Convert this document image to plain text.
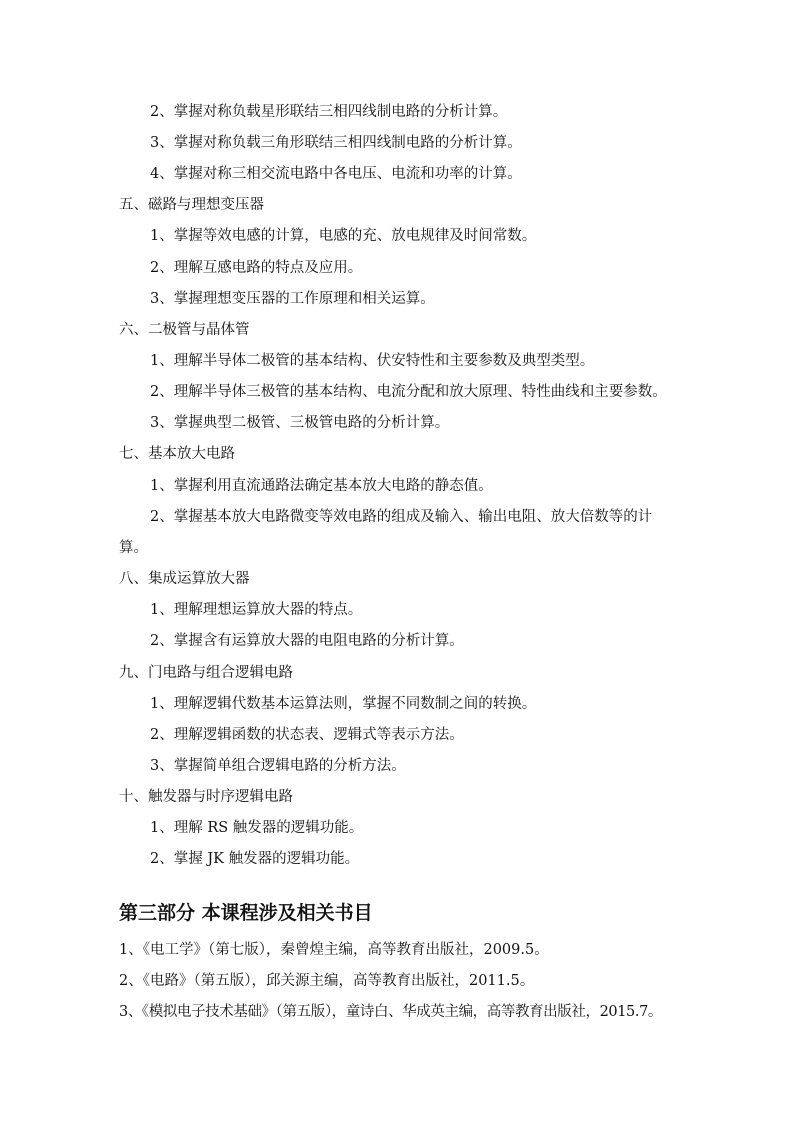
2、掌握对称负载星形联结三相四线制电路的分析计算。
3、掌握对称负载三角形联结三相四线制电路的分析计算。
4、掌握对称三相交流电路中各电压、电流和功率的计算。
五、磁路与理想变压器
1、掌握等效电感的计算，电感的充、放电规律及时间常数。
2、理解互感电路的特点及应用。
3、掌握理想变压器的工作原理和相关运算。
六、二极管与晶体管
1、理解半导体二极管的基本结构、伏安特性和主要参数及典型类型。
2、理解半导体三极管的基本结构、电流分配和放大原理、特性曲线和主要参数。
3、掌握典型二极管、三极管电路的分析计算。
七、基本放大电路
1、掌握利用直流通路法确定基本放大电路的静态值。
2、掌握基本放大电路微变等效电路的组成及输入、输出电阻、放大倍数等的计
算。
八、集成运算放大器
1、理解理想运算放大器的特点。
2、掌握含有运算放大器的电阻电路的分析计算。
九、门电路与组合逻辑电路
1、理解逻辑代数基本运算法则，掌握不同数制之间的转换。
2、理解逻辑函数的状态表、逻辑式等表示方法。
3、掌握简单组合逻辑电路的分析方法。
十、触发器与时序逻辑电路
1、理解 RS 触发器的逻辑功能。
2、掌握 JK 触发器的逻辑功能。
第三部分 本课程涉及相关书目
1、《电工学》（第七版），秦曾煌主编，高等教育出版社，2009.5。
2、《电路》（第五版），邱关源主编，高等教育出版社，2011.5。
3、《模拟电子技术基础》（第五版），童诗白、华成英主编，高等教育出版社，2015.7。
